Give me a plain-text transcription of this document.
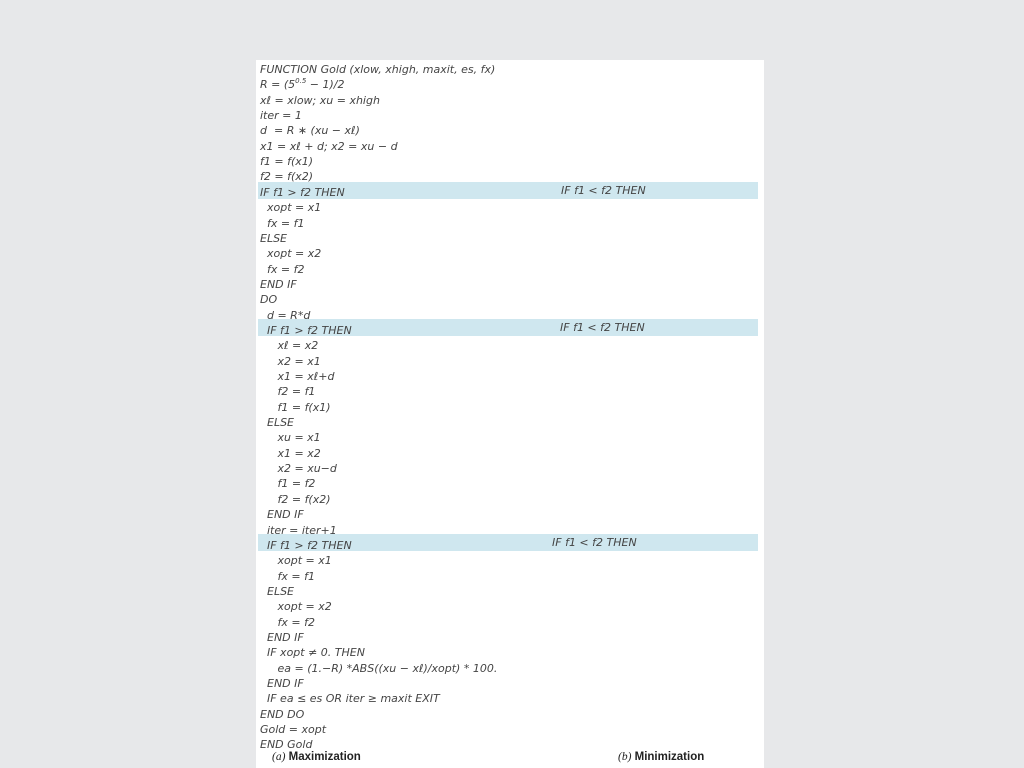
FUNCTION Gold (xlow, xhigh, maxit, es, fx)
$R = (5^{0.5} - 1)/2$
xℓ = xlow; xu = xhigh
iter = 1
d  = R ∗ (xu − xℓ)
x1 = xℓ + d; x2 = xu − d
f1 = f(x1)
f2 = f(x2)
IF f1 > f2 THEN
xopt = x1
fx = f1
ELSE
xopt = x2
fx = f2
END IF
DO
d = R*d
IF f1 > f2 THEN
xℓ = x2
x2 = x1
x1 = xℓ+d
f2 = f1
f1 = f(x1)
ELSE
xu = x1
x1 = x2
x2 = xu−d
f1 = f2
f2 = f(x2)
END IF
iter = iter+1
IF f1 > f2 THEN
xopt = x1
fx = f1
ELSE
xopt = x2
fx = f2
END IF
IF xopt ≠ 0. THEN
ea = (1.−R) *ABS((xu − xℓ)/xopt) * 100.
END IF
IF ea ≤ es OR iter ≥ maxit EXIT
END DO
Gold = xopt
END Gold
IF f1 < f2 THEN
IF f1 < f2 THEN
IF f1 < f2 THEN
(a) Maximization	(b) Minimization
